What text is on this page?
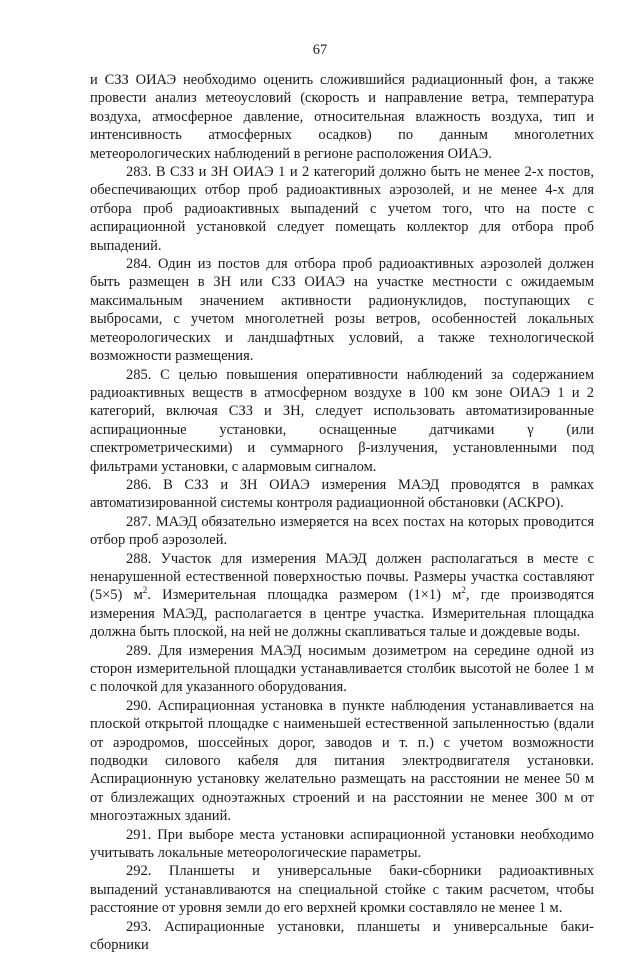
67

и СЗЗ ОИАЭ необходимо оценить сложившийся радиационный фон, а также провести анализ метеоусловий (скорость и направление ветра, температура воздуха, атмосферное давление, относительная влажность воздуха, тип и интенсивность атмосферных осадков) по данным многолетних метеорологических наблюдений в регионе расположения ОИАЭ.

283. В СЗЗ и ЗН ОИАЭ 1 и 2 категорий должно быть не менее 2-х постов, обеспечивающих отбор проб радиоактивных аэрозолей, и не менее 4-х для отбора проб радиоактивных выпадений с учетом того, что на посте с аспирационной установкой следует помещать коллектор для отбора проб выпадений.

284. Один из постов для отбора проб радиоактивных аэрозолей должен быть размещен в ЗН или СЗЗ ОИАЭ на участке местности с ожидаемым максимальным значением активности радионуклидов, поступающих с выбросами, с учетом многолетней розы ветров, особенностей локальных метеорологических и ландшафтных условий, а также технологической возможности размещения.

285. С целью повышения оперативности наблюдений за содержанием радиоактивных веществ в атмосферном воздухе в 100 км зоне ОИАЭ 1 и 2 категорий, включая СЗЗ и ЗН, следует использовать автоматизированные аспирационные установки, оснащенные датчиками γ (или спектрометрическими) и суммарного β-излучения, установленными под фильтрами установки, с алармовым сигналом.

286. В СЗЗ и ЗН ОИАЭ измерения МАЭД проводятся в рамках автоматизированной системы контроля радиационной обстановки (АСКРО).

287. МАЭД обязательно измеряется на всех постах на которых проводится отбор проб аэрозолей.

288. Участок для измерения МАЭД должен располагаться в месте с ненарушенной естественной поверхностью почвы. Размеры участка составляют (5×5) $м^2$. Измерительная площадка размером (1×1) $м^2$, где производятся измерения МАЭД, располагается в центре участка. Измерительная площадка должна быть плоской, на ней не должны скапливаться талые и дождевые воды.

289. Для измерения МАЭД носимым дозиметром на середине одной из сторон измерительной площадки устанавливается столбик высотой не более 1 м с полочкой для указанного оборудования.

290. Аспирационная установка в пункте наблюдения устанавливается на плоской открытой площадке с наименьшей естественной запыленностью (вдали от аэродромов, шоссейных дорог, заводов и т. п.) с учетом возможности подводки силового кабеля для питания электродвигателя установки. Аспирационную установку желательно размещать на расстоянии не менее 50 м от близлежащих одноэтажных строений и на расстоянии не менее 300 м от многоэтажных зданий.

291. При выборе места установки аспирационной установки необходимо учитывать локальные метеорологические параметры.

292. Планшеты и универсальные баки-сборники радиоактивных выпадений устанавливаются на специальной стойке с таким расчетом, чтобы расстояние от уровня земли до его верхней кромки составляло не менее 1 м.

293. Аспирационные установки, планшеты и универсальные баки-сборники
